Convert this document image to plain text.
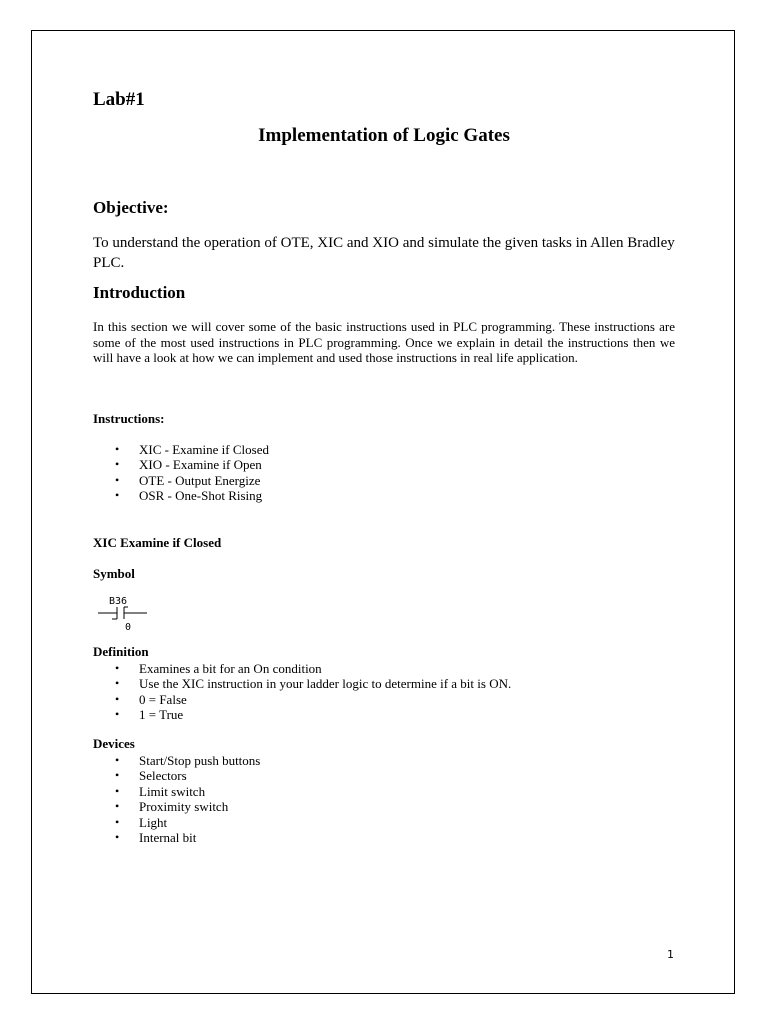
Lab#1
Implementation of Logic Gates
Objective:

To understand the operation of OTE, XIC and XIO and simulate the given tasks in Allen Bradley PLC.

Introduction

In this section we will cover some of the basic instructions used in PLC programming. These instructions are some of the most used instructions in PLC programming. Once we explain in detail the instructions then we will have a look at how we can implement and used those instructions in real life application.

Instructions:
• XIC - Examine if Closed
• XIO - Examine if Open
• OTE - Output Energize
• OSR - One-Shot Rising
XIC Examine if Closed
Symbol
B36
0
Definition
• Examines a bit for an On condition
• Use the XIC instruction in your ladder logic to determine if a bit is ON.
• 0 = False
• 1 = True
Devices
• Start/Stop push buttons
• Selectors
• Limit switch
• Proximity switch
• Light
• Internal bit
1
